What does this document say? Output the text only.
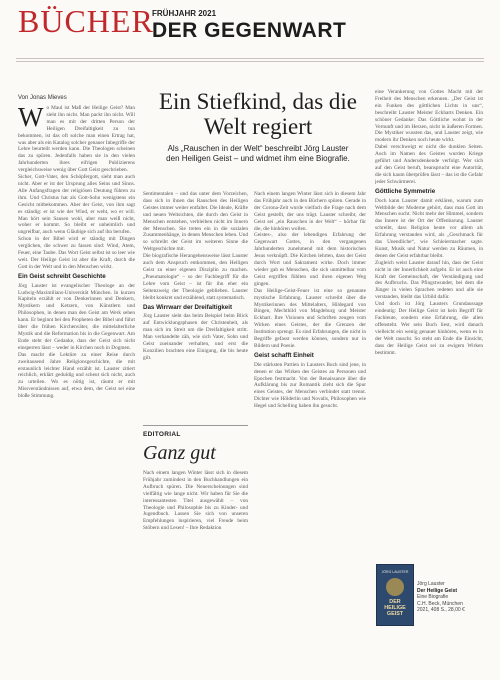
BÜCHER
FRÜHJAHR 2021
DER GEGENWART
Von Jonas Mieves	Ein Stiefkind, das die Welt regiert
Als „Rauschen in der Welt“ beschreibt Jörg Lauster den Heiligen Geist – und widmet ihm eine Biografie.

Wo Maul ist Maß der Heilige Geist? Man sieht ihn nicht. Man packt ihn nicht. Will man es mit der dritten Person der Heiligen Dreifaltigkeit zu tun bekommen, ist das oft solche man einen Ertrag hat, was aber als ein Katalog solcher genauer Inbegriffe der Lehre beurteilt werden kann. Die Theologen scheinen das zu spüren. Jedenfalls haben sie in den vielen Jahrhunderten ihres eifrigen Publizierens vergleichsweise wenig über Gott Geist geschrieben.

Sicher, Gott-Vater, den Schöpfergott, sieht man auch nicht. Aber er ist der Ursprung alles Seins und Sinns. Alle Anfangsfragen der religiösen Deutung führen zu ihm. Und Christus hat als Gott-Sohn wenigstens ein Gesicht mitbekommen. Aber der Geist, von ihm sagt es ständig: er ist wie der Wind, er weht, wo er will. Man hört sein Sausen wohl, aber man weiß nicht, woher er kommt. So bleibt er unheimlich und ungreifbar, auch wenn Gläubige sich auf ihn berufen.

Schon in der Bibel wird er ständig mit Dingen verglichen, die schwer zu fassen sind: Wind, Atem, Feuer, eine Taube. Das Wort Geist selbst ist so leer wie weit. Der Heilige Geist ist aber die Kraft, durch die Gott in der Welt und in den Menschen wirkt.

Ein Geist schreibt Geschichte

Jörg Lauster ist evangelischer Theologe an der Ludwig-Maximilians-Universität München. In kurzen Kapiteln erzählt er von Denkerinnen und Denkern, Mystikern und Ketzern, von Künstlern und Philosophen, in denen man den Geist am Werk sehen kann. Er beginnt bei den Propheten der Bibel und führt über die frühen Kirchenväter, die mittelalterliche Mystik und die Reformation bis in die Gegenwart. Am Ende steht der Gedanke, dass der Geist sich nicht einsperren lässt – weder in Kirchen noch in Dogmen.

Das macht die Lektüre zu einer Reise durch zweitausend Jahre Religionsgeschichte, die mit erstaunlich leichter Hand erzählt ist. Lauster zitiert reichlich, erklärt geduldig und scheut sich nicht, auch zu urteilen. Wo es nötig ist, räumt er mit Missverständnissen auf, etwa dem, der Geist sei eine bloße Stimmung.

Sentimentalen – und das unter dem Vorzeichen, dass sich in ihnen das Rauschen des Heiligen Geistes immer weiter entfaltet. Die Ideale, Kräfte und neuen Weltsichten, die durch den Geist in Menschen entstehen, verbleiben nicht im Innern der Menschen. Sie treten ein in die sozialen Zusammenhänge, in denen Menschen leben. Und so schreibt der Geist im weiteren Sinne die Weltgeschichte mit.

Die biografische Herangehensweise lässt Lauster auch dem Anspruch entkommen, den Heiligen Geist zu einer eigenen Disziplin zu machen. „Pneumatologie“ – so der Fachbegriff für die Lehre vom Geist – ist für ihn eher ein Seitenzweig der Theologie geblieben. Lauster bleibt konkret und erzählend, statt systematisch.

Das Wirrwarr der Dreifaltigkeit

Jörg Lauster sieht das beim Beispiel beim Blick auf Entwicklungsphasen der Christenheit, als man sich im Streit um die Dreifaltigkeit stritt. Man verhandelte zäh, wie sich Vater, Sohn und Geist zueinander verhalten, und erst die Konzilien brachten eine Einigung, die bis heute gilt.

EDITORIAL
Ganz gut
Nach einem langen Winter lässt sich in diesem Frühjahr zumindest in den Buchhandlungen ein Aufbruch spüren. Die Neuerscheinungen sind vielfältig wie lange nicht. Wir haben für Sie die interessantesten Titel ausgewählt – von Theologie und Philosophie bis zu Kinder- und Jugendbuch. Lassen Sie sich von unseren Empfehlungen inspirieren, viel Freude beim Stöbern und Lesen! – Ihre Redaktion

Nach einem langen Winter lässt sich in diesem Jahr das Frühjahr auch in den Büchern spüren. Gerade in der Corona-Zeit wurde vielfach die Frage nach dem Geist gestellt, der uns trägt. Lauster schreibt, der Geist sei „ein Rauschen in der Welt“ – hörbar für die, die hinhören wollen.

Geistes-, also der lebendigen Erfahrung der Gegenwart Gottes, in den vergangenen Jahrhunderten zunehmend mit dem historischen Jesus verknüpft. Die Kirchen lehrten, dass der Geist durch Wort und Sakrament wirke. Doch immer wieder gab es Menschen, die sich unmittelbar vom Geist ergriffen fühlten und ihren eigenen Weg gingen.

Das Heilige-Geist-Feuer ist eine so genannte mystische Erfahrung. Lauster schreibt über die Mystikerinnen des Mittelalters, Hildegard von Bingen, Mechthild von Magdeburg und Meister Eckhart. Ihre Visionen und Schriften zeugen vom Wirken eines Geistes, der die Grenzen der Institution sprengt. Es sind Erfahrungen, die nicht in Begriffe gefasst werden können, sondern nur in Bildern und Poesie.

Geist schafft Einheit

Die stärksten Partien in Lausters Buch sind jene, in denen er das Wirken des Geistes an Personen und Epochen festmacht. Von der Renaissance über die Aufklärung bis zur Romantik zieht sich die Spur eines Geistes, der Menschen verbindet statt trennt. Dichter wie Hölderlin und Novalis, Philosophen wie Hegel und Schelling haben ihn gesucht.

eine Verankerung von Gottes Macht mit der Freiheit des Menschen erkennen. „Der Geist ist ein Funken des göttlichen Lichts in uns“, beschreibt Lauster Meister Eckharts Denken. Ein schöner Gedanke: Das Göttliche wohnt in der Vernunft und im Herzen, nicht in äußeren Formen. Die Mystiker wussten das, und Lauster zeigt, wie modern ihr Denken noch heute wirkt.

Dabei verschweigt er nicht die dunklen Seiten. Auch im Namen des Geistes wurden Kriege geführt und Andersdenkende verfolgt. Wer sich auf den Geist beruft, beansprucht eine Autorität, die sich kaum überprüfen lässt – das ist die Gefahr jeder Schwärmerei.

Göttliche Symmetrie

Doch kann Lauster damit erklären, warum zum Weltbilde der Moderne gehört, dass man Gott im Menschen sucht. Nicht mehr der Himmel, sondern das Innere ist der Ort der Offenbarung. Lauster schreibt, dass Religion heute vor allem als Erfahrung verstanden wird, als „Geschmack für das Unendliche“, wie Schleiermacher sagte. Kunst, Musik und Natur werden zu Räumen, in denen der Geist erfahrbar bleibt.

Zugleich weist Lauster darauf hin, dass der Geist nicht in der Innerlichkeit aufgeht. Er ist auch eine Kraft der Gemeinschaft, der Verständigung und des Aufbruchs. Das Pfingstwunder, bei dem die Jünger in vielen Sprachen redeten und alle sie verstanden, bleibt das Urbild dafür.

Und doch ist Jörg Lausters Grundaussage eindeutig: Der Heilige Geist ist kein Begriff für Fachleute, sondern eine Erfahrung, die allen offensteht. Wer sein Buch liest, wird danach vielleicht ein wenig genauer hinhören, wenn es in der Welt rauscht. So steht am Ende die Einsicht, dass der Heilige Geist sei zu ewigem Wirken bestimmt.

JÖRG LAUSTER
DER HEILIGE GEIST
Jörg Lauster
Der Heilige Geist
Eine Biografie
C.H. Beck, München
2021, 408 S., 28,00 €
